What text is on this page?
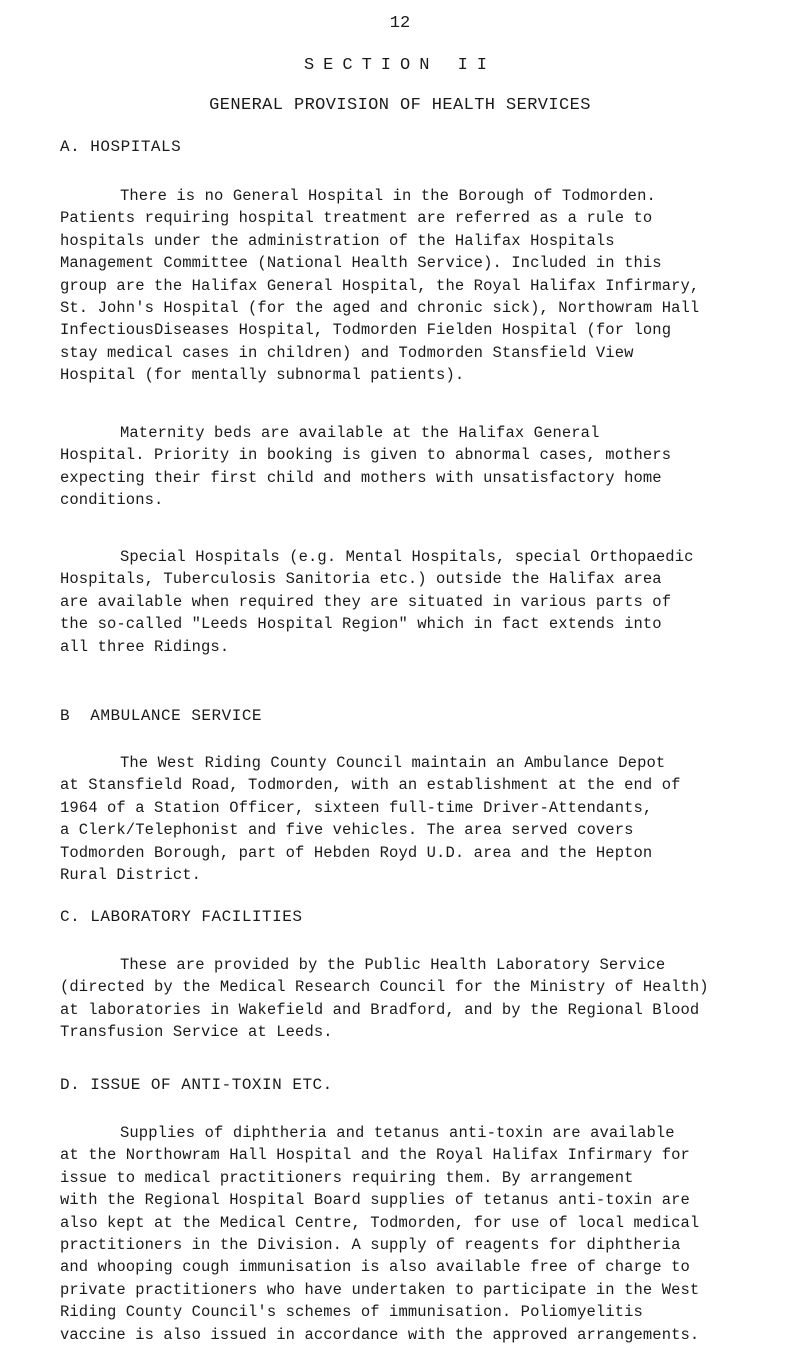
12
SECTION II
GENERAL PROVISION OF HEALTH SERVICES
A. HOSPITALS
There is no General Hospital in the Borough of Todmorden.
Patients requiring hospital treatment are referred as a rule to
hospitals under the administration of the Halifax Hospitals
Management Committee (National Health Service). Included in this
group are the Halifax General Hospital, the Royal Halifax Infirmary,
St. John's Hospital (for the aged and chronic sick), Northowram Hall
InfectiousDiseases Hospital, Todmorden Fielden Hospital (for long
stay medical cases in children) and Todmorden Stansfield View
Hospital (for mentally subnormal patients).
Maternity beds are available at the Halifax General
Hospital. Priority in booking is given to abnormal cases, mothers
expecting their first child and mothers with unsatisfactory home
conditions.
Special Hospitals (e.g. Mental Hospitals, special Orthopaedic
Hospitals, Tuberculosis Sanitoria etc.) outside the Halifax area
are available when required they are situated in various parts of
the so-called "Leeds Hospital Region" which in fact extends into
all three Ridings.
B  AMBULANCE SERVICE
The West Riding County Council maintain an Ambulance Depot
at Stansfield Road, Todmorden, with an establishment at the end of
1964 of a Station Officer, sixteen full-time Driver-Attendants,
a Clerk/Telephonist and five vehicles. The area served covers
Todmorden Borough, part of Hebden Royd U.D. area and the Hepton
Rural District.
C. LABORATORY FACILITIES
These are provided by the Public Health Laboratory Service
(directed by the Medical Research Council for the Ministry of Health)
at laboratories in Wakefield and Bradford, and by the Regional Blood
Transfusion Service at Leeds.
D. ISSUE OF ANTI-TOXIN ETC.
Supplies of diphtheria and tetanus anti-toxin are available
at the Northowram Hall Hospital and the Royal Halifax Infirmary for
issue to medical practitioners requiring them. By arrangement
with the Regional Hospital Board supplies of tetanus anti-toxin are
also kept at the Medical Centre, Todmorden, for use of local medical
practitioners in the Division. A supply of reagents for diphtheria
and whooping cough immunisation is also available free of charge to
private practitioners who have undertaken to participate in the West
Riding County Council's schemes of immunisation. Poliomyelitis
vaccine is also issued in accordance with the approved arrangements.
